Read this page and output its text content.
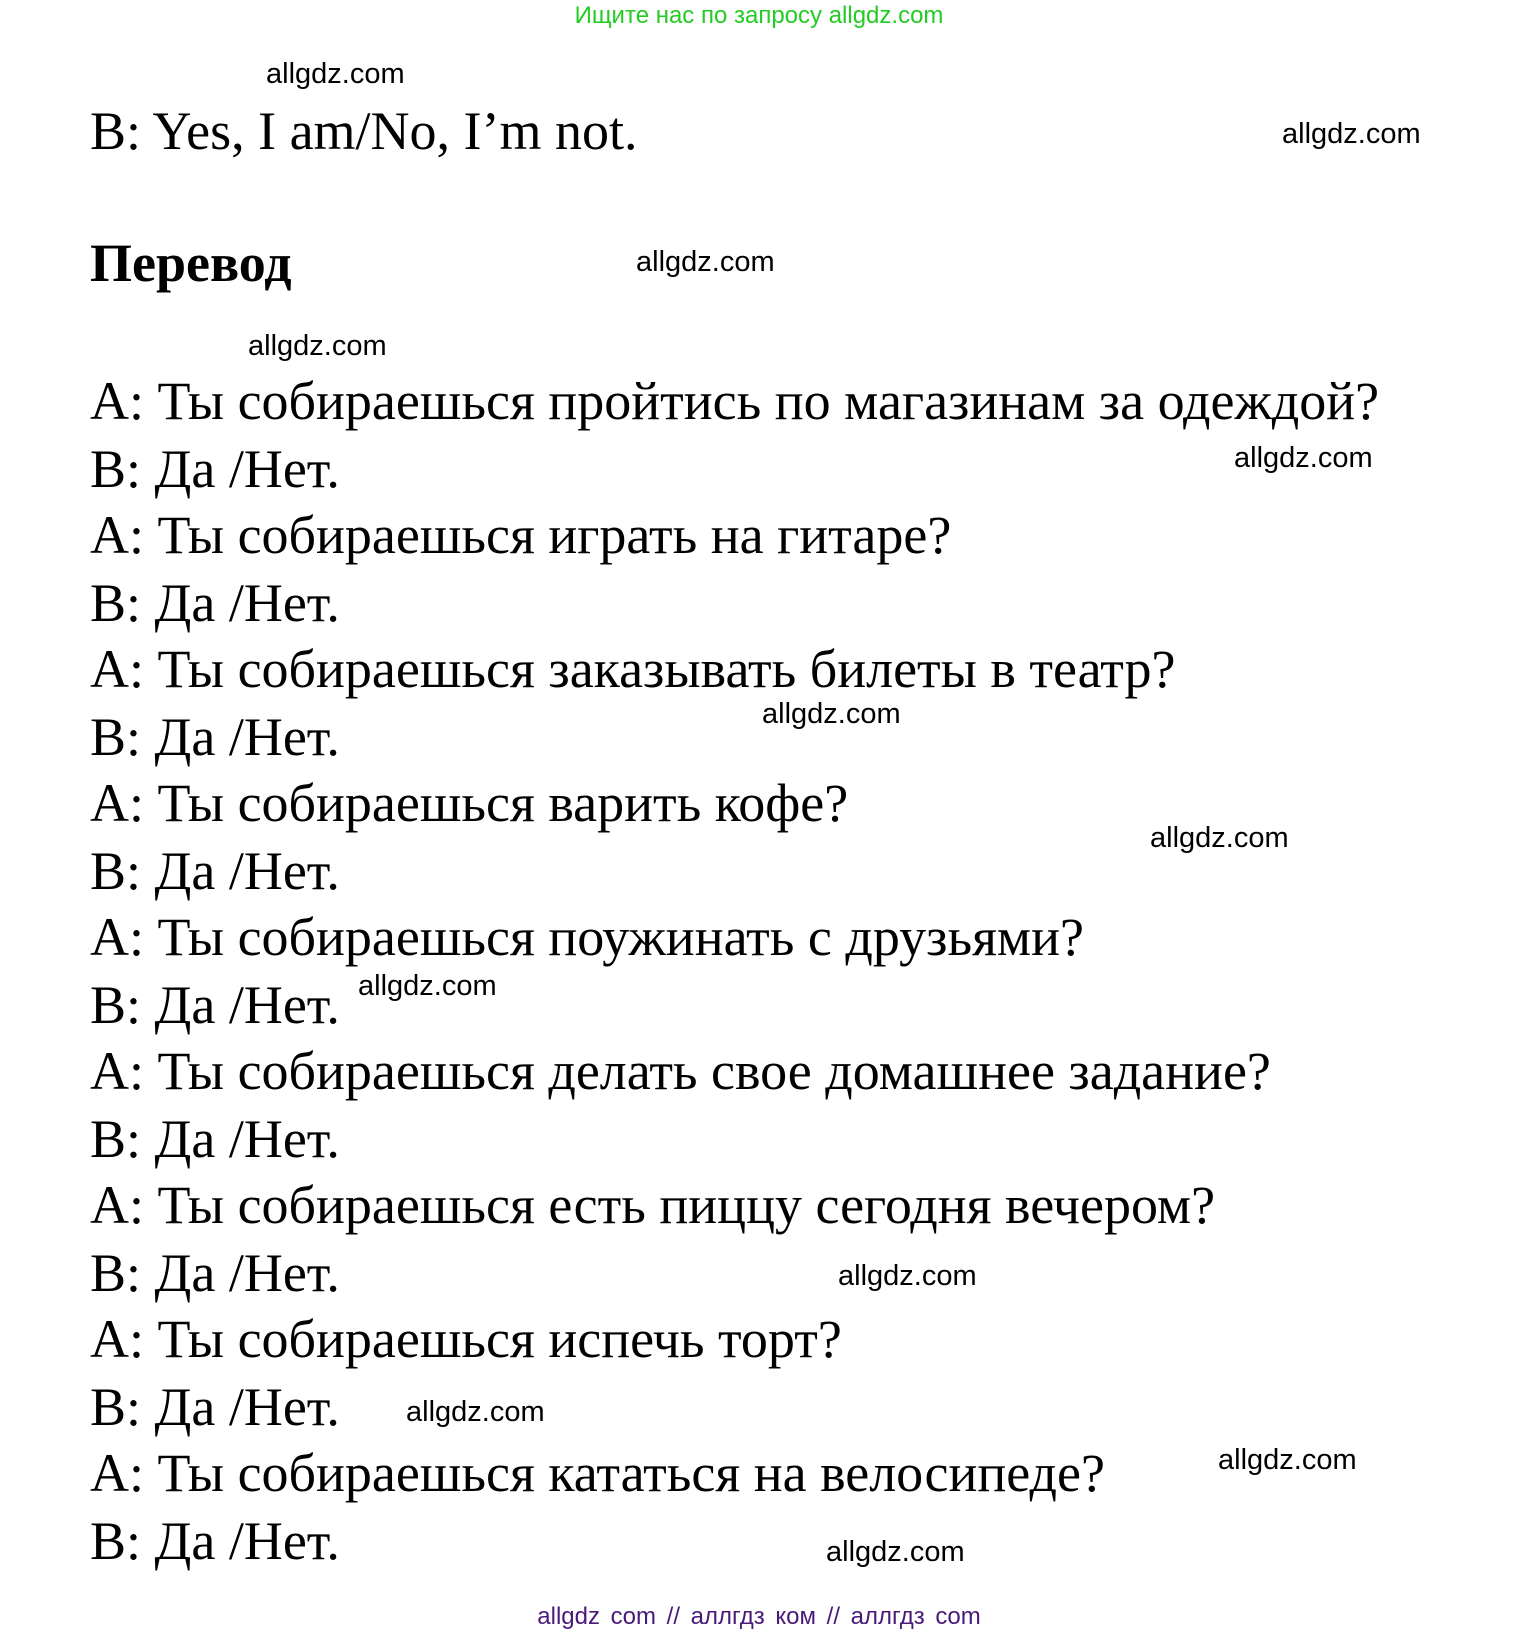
Ищите нас по запросу allgdz.com
allgdz.com
B: Yes, I am/No, I’m not.	allgdz.com
Перевод	allgdz.com
allgdz.com
A: Ты собираешься пройтись по магазинам за одеждой?
B: Да /Нет.	allgdz.com
A: Ты собираешься играть на гитаре?
B: Да /Нет.
A: Ты собираешься заказывать билеты в театр?
B: Да /Нет.	allgdz.com
A: Ты собираешься варить кофе?
allgdz.com
B: Да /Нет.
A: Ты собираешься поужинать с друзьями?
B: Да /Нет. allgdz.com
A: Ты собираешься делать свое домашнее задание?
B: Да /Нет.
A: Ты собираешься есть пиццу сегодня вечером?
B: Да /Нет.	allgdz.com
A: Ты собираешься испечь торт?
B: Да /Нет. allgdz.com
A: Ты собираешься кататься на велосипеде?	allgdz.com
B: Да /Нет.	allgdz.com
allgdz com // аллгдз ком // аллгдз com
